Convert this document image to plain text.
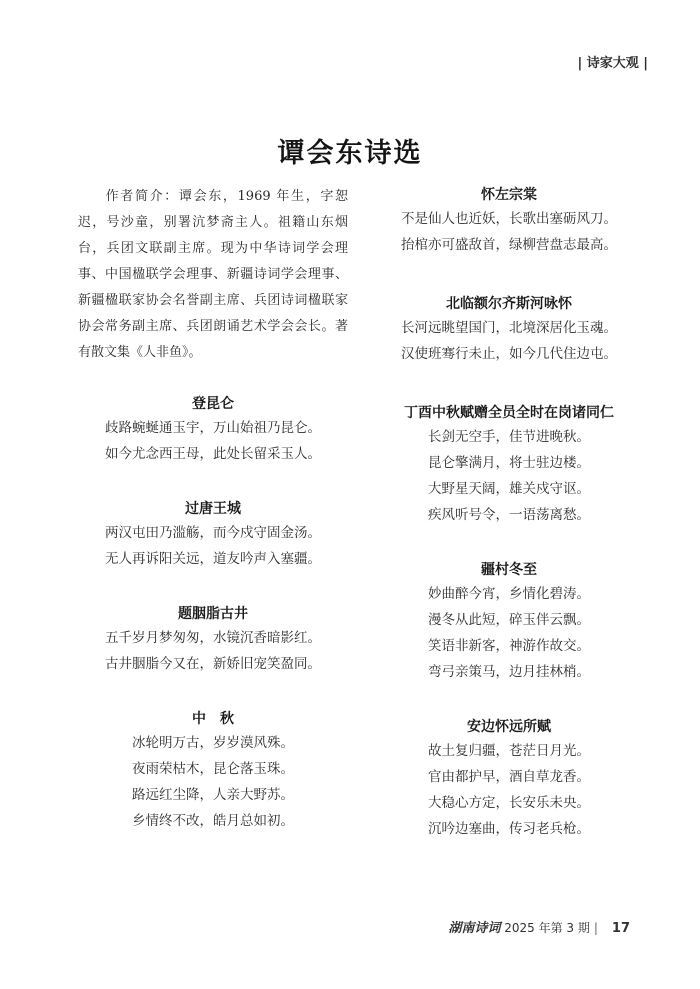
| 诗家大观 |
谭会东诗选

作者简介：谭会东，1969 年生，字恕迟，号沙童，别署沆梦斋主人。祖籍山东烟台，兵团文联副主席。现为中华诗词学会理事、中国楹联学会理事、新疆诗词学会理事、新疆楹联家协会名誉副主席、兵团诗词楹联家协会常务副主席、兵团朗诵艺术学会会长。著有散文集《人非鱼》。

登昆仑
歧路蜿蜒通玉宇，万山始祖乃昆仑。
如今尤念西王母，此处长留采玉人。
过唐王城
两汉屯田乃滥觞，而今戍守固金汤。
无人再诉阳关远，道友吟声入塞疆。
题胭脂古井
五千岁月梦匆匆，水镜沉香暗影红。
古井胭脂今又在，新娇旧宠笑盈同。
中　秋
冰轮明万古，岁岁漠风殊。
夜雨荣枯木，昆仑落玉珠。
路远红尘降，人亲大野苏。
乡情终不改，皓月总如初。
怀左宗棠
不是仙人也近妖，长歌出塞砺风刀。
抬棺亦可盛敌首，绿柳营盘志最高。
北临额尔齐斯河咏怀
长河远眺望国门，北境深居化玉魂。
汉使班骞行未止，如今几代住边屯。
丁酉中秋赋赠全员全时在岗诸同仁
长剑无空手，佳节进晚秋。
昆仑擎满月，将士驻边楼。
大野星天阔，雄关戍守讴。
疾风听号令，一语荡离愁。
疆村冬至
妙曲醉今宵，乡情化碧涛。
漫冬从此短，碎玉伴云飘。
笑语非新客，神游作故交。
弯弓亲策马，边月挂林梢。
安边怀远所赋
故土复归疆，苍茫日月光。
官由都护早，酒自草龙香。
大稳心方定，长安乐未央。
沉吟边塞曲，传习老兵枪。
湖南诗词 2025 年第 3 期 | 17
